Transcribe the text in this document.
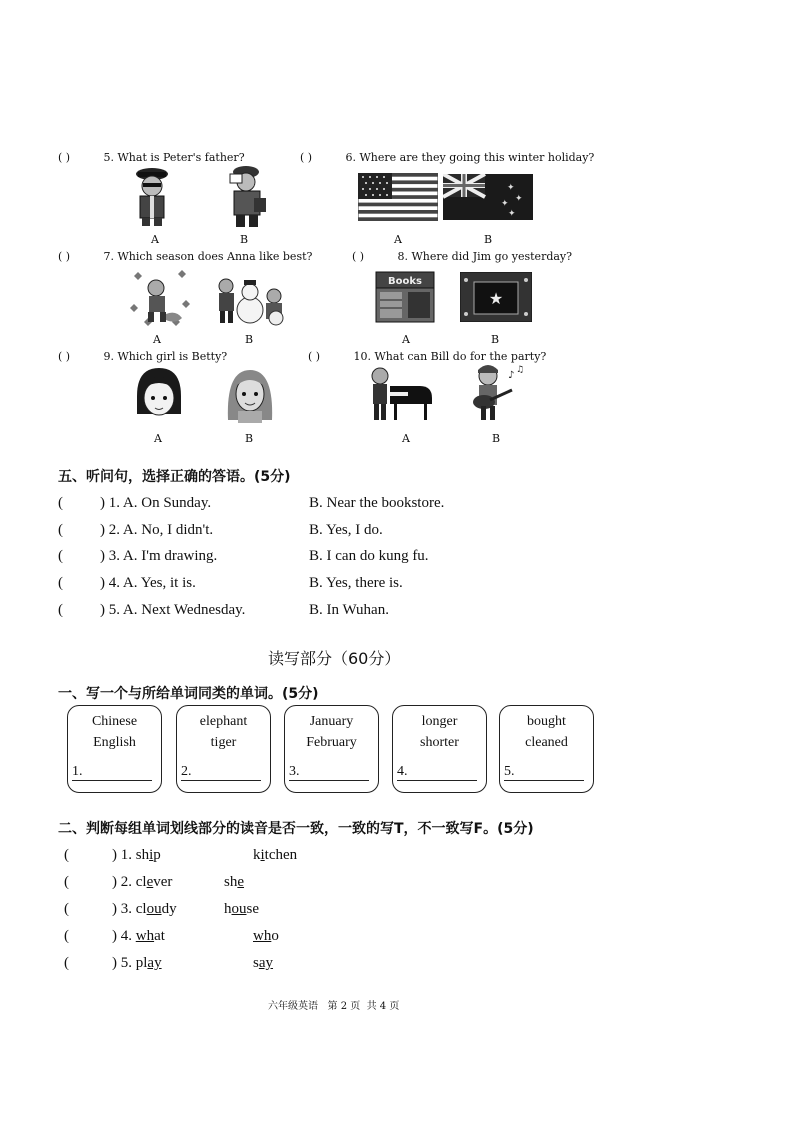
( )	5. What is Peter's father?
A	B
( )	6. Where are they going this winter holiday?
✦
✦
✦
✦
A	B
( )	7. Which season does Anna like best?
A	B
( )	8. Where did Jim go yesterday?
Books
★
A	B
( )	9. Which girl is Betty?
A	B
( )	10. What can Bill do for the party?
♪ ♫
A	B
五、听问句，选择正确的答语。(5分)
( ) 1. A. On Sunday.	B. Near the bookstore.
( ) 2. A. No, I didn't.	B. Yes, I do.
( ) 3. A. I'm drawing.	B. I can do kung fu.
( ) 4. A. Yes, it is.	B. Yes, there is.
( ) 5. A. Next Wednesday.	B. In Wuhan.
读写部分（60分）
一、写一个与所给单词同类的单词。(5分)
Chinese
English
1.
elephant
tiger
2.
January
February
3.
longer
shorter
4.
bought
cleaned
5.
二、判断每组单词划线部分的读音是否一致，一致的写T，不一致写F。(5分)
(	) 1. ship	kitchen
(	) 2. clever	she
(	) 3. cloudy	house
(	) 4. what	who
(	) 5. play	say
六年级英语   第 2 页  共 4 页
